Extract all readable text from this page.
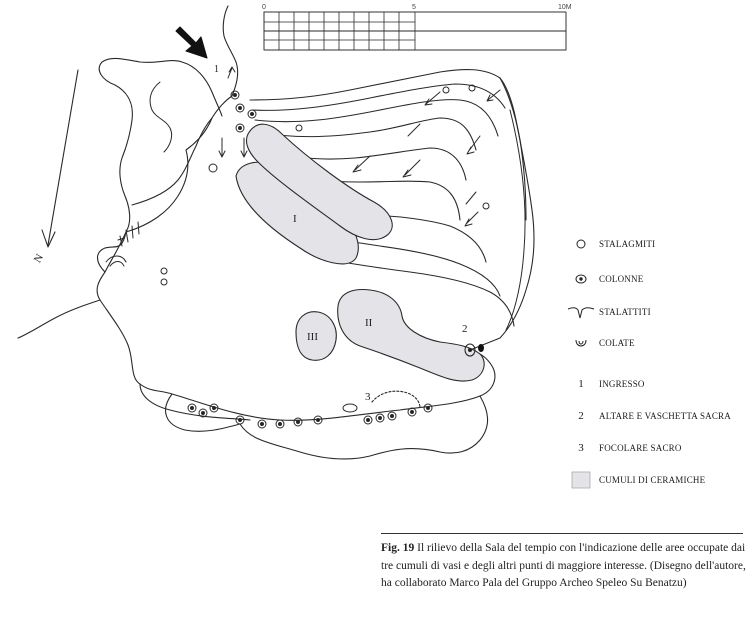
0	5	10M
N
1
2
3
I
II
III
STALAGMITI
COLONNE
STALATTITI
COLATE
1	INGRESSO
2	ALTARE E VASCHETTA SACRA
3	FOCOLARE SACRO
CUMULI DI CERAMICHE
Fig. 19 Il rilievo della Sala del tempio con l'indicazione delle aree occupate dai tre cumuli di vasi e degli altri punti di maggiore interesse. (Disegno dell'autore, ha collaborato Marco Pala del Gruppo Archeo Speleo Su Benatzu)
